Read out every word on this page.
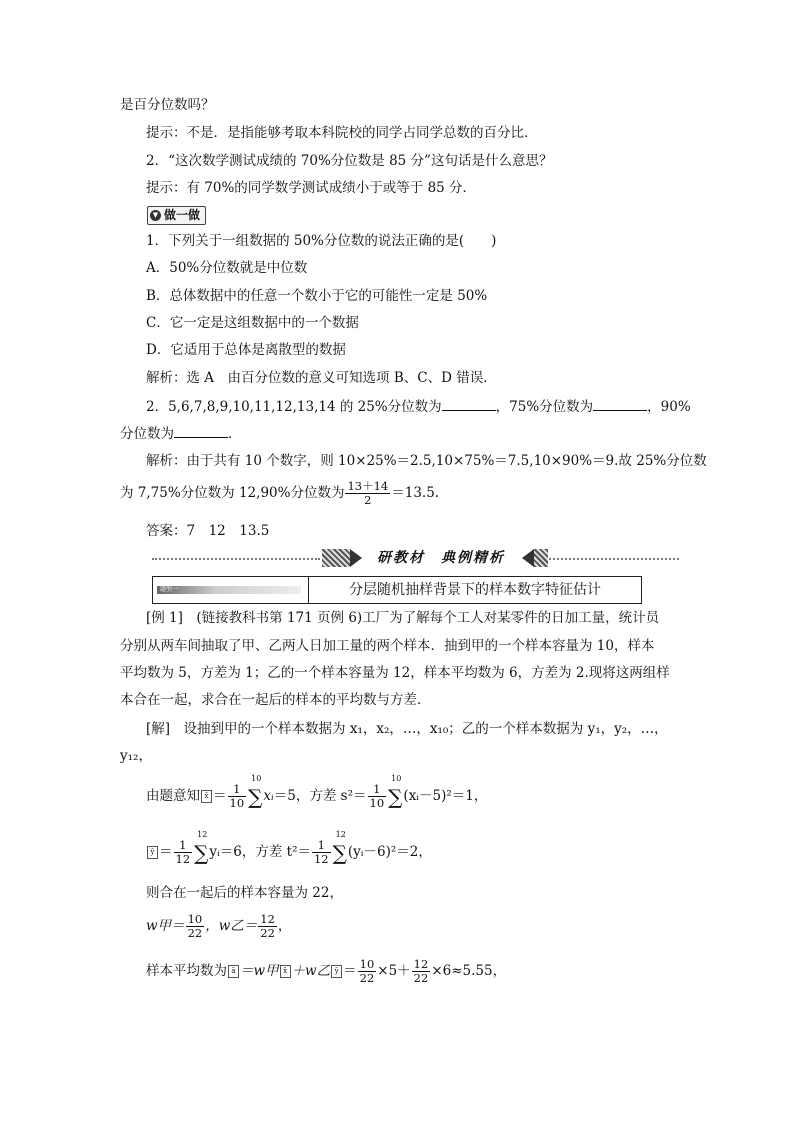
是百分位数吗？
提示：不是．是指能够考取本科院校的同学占同学总数的百分比．
2．“这次数学测试成绩的 70%分位数是 85 分”这句话是什么意思？
提示：有 70%的同学数学测试成绩小于或等于 85 分．
▼ 做一做
1．下列关于一组数据的 50%分位数的说法正确的是(　　)
A．50%分位数就是中位数
B．总体数据中的任意一个数小于它的可能性一定是 50%
C．它一定是这组数据中的一个数据
D．它适用于总体是离散型的数据
解析：选 A　由百分位数的意义可知选项 B、C、D 错误．
2．5,6,7,8,9,10,11,12,13,14 的 25%分位数为	，75%分位数为	，90%
分位数为	．
解析：由于共有 10 个数字，则 10×25%＝2.5,10×75%＝7.5,10×90%＝9.故 25%分位数
为 7,75%分位数为 12,90%分位数为 $\frac{13+14}{2} =13.5$.
答案：7　12　13.5
研教材　典例精析
题型一	分层随机抽样背景下的样本数字特征估计
[例 1]　(链接教科书第 171 页例 6)工厂为了解每个工人对某零件的日加工量，统计员
分别从两车间抽取了甲、乙两人日加工量的两个样本．抽到甲的一个样本容量为 10，样本
平均数为 5，方差为 1；乙的一个样本容量为 12，样本平均数为 6，方差为 2.现将这两组样
本合在一起，求合在一起后的样本的平均数与方差．
[解]　设抽到甲的一个样本数据为 x₁，x₂，…，x₁₀；乙的一个样本数据为 y₁，y₂，…，
y₁₂，
由题意知 x̄ ＝ $\frac{1}{10}$ ∑
10
xᵢ＝5，方差 $s^2= \frac{1}{10}$ ∑
10
(xᵢ－5)²＝1，
ȳ ＝ $\frac{1}{12}$ ∑
12
yᵢ＝6，方差 $t^2= \frac{1}{12}$ ∑
12
(yᵢ－6)²＝2，
则合在一起后的样本容量为 22，
w甲＝ $\frac{10}{22}$ ，w乙＝ $\frac{12}{22}$ ，
样本平均数为 ā ＝w甲 x̄ ＋w乙 ȳ ＝ $\frac{10}{22} \times 5+ \frac{12}{22} \times 6\approx 5.55$，
